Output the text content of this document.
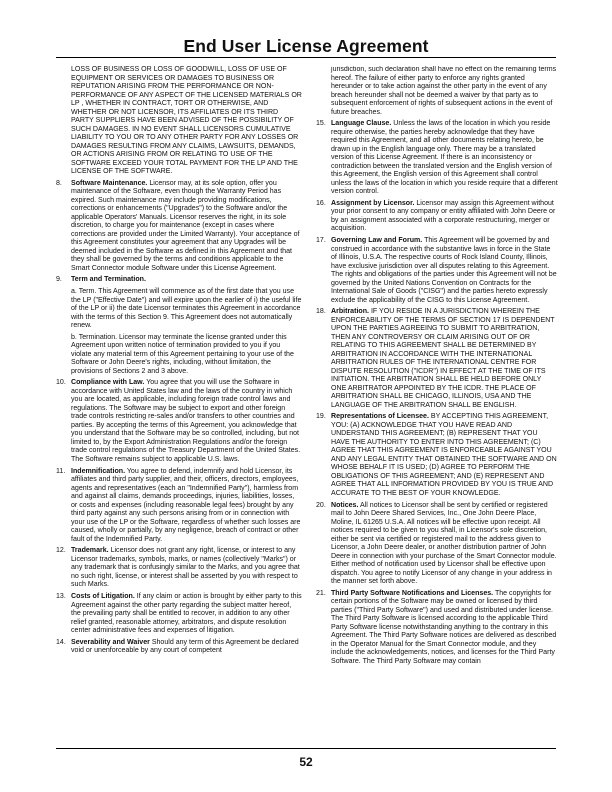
End User License Agreement
LOSS OF BUSINESS OR LOSS OF GOODWILL, LOSS OF USE OF EQUIPMENT OR SERVICES OR DAMAGES TO BUSINESS OR REPUTATION ARISING FROM THE PERFORMANCE OR NON-PERFORMANCE OF ANY ASPECT OF THE LICENSED MATERIALS OR LP , WHETHER IN CONTRACT, TORT OR OTHERWISE, AND WHETHER OR NOT LICENSOR, ITS AFFILIATES OR ITS THIRD PARTY SUPPLIERS HAVE BEEN ADVISED OF THE POSSIBILITY OF SUCH DAMAGES. IN NO EVENT SHALL LICENSORS CUMULATIVE LIABILITY TO YOU OR TO ANY OTHER PARTY FOR ANY LOSSES OR DAMAGES RESULTING FROM ANY CLAIMS, LAWSUITS, DEMANDS, OR ACTIONS ARISING FROM OR RELATING TO USE OF THE SOFTWARE EXCEED YOUR TOTAL PAYMENT FOR THE LP AND THE LICENSE OF THE SOFTWARE.
8.	Software Maintenance. Licensor may, at its sole option, offer you maintenance of the Software, even though the Warranty Period has expired. Such maintenance may include providing modifications, corrections or enhancements ("Upgrades") to the Software and/or the applicable Operators' Manuals. Licensor reserves the right, in its sole discretion, to charge you for maintenance (except in cases where corrections are provided under the Limited Warranty). Your acceptance of this Agreement constitutes your agreement that any Upgrades will be deemed included in the Software as defined in this Agreement and that they shall be governed by the terms and conditions applicable to the Smart Connector module Software under this License Agreement.
9.	Term and Termination.
a. Term. This Agreement will commence as of the first date that you use the LP ("Effective Date") and will expire upon the earlier of i) the useful life of the LP or ii) the date Licensor terminates this Agreement in accordance with the terms of this Section 9. This Agreement does not automatically renew.
b. Termination. Licensor may terminate the license granted under this Agreement upon written notice of termination provided to you if you violate any material term of this Agreement pertaining to your use of the Software or John Deere's rights, including, without limitation, the provisions of Sections 2 and 3 above.
10. Compliance with Law. You agree that you will use the Software in accordance with United States law and the laws of the country in which you are located, as applicable, including foreign trade control laws and regulations. The Software may be subject to export and other foreign trade controls restricting re-sales and/or transfers to other countries and parties. By accepting the terms of this Agreement, you acknowledge that you understand that the Software may be so controlled, including, but not limited to, by the Export Administration Regulations and/or the foreign trade control regulations of the Treasury Department of the United States. The Software remains subject to applicable U.S. laws.
11. Indemnification. You agree to defend, indemnify and hold Licensor, its affiliates and third party supplier, and their, officers, directors, employees, agents and representatives (each an "Indemnified Party"), harmless from and against all claims, demands proceedings, injuries, liabilities, losses, or costs and expenses (including reasonable legal fees) brought by any third party against any such persons arising from or in connection with your use of the LP or the Software, regardless of whether such losses are caused, wholly or partially, by any negligence, breach of contract or other fault of the Indemnified Party.
12. Trademark. Licensor does not grant any right, license, or interest to any Licensor trademarks, symbols, marks, or names (collectively "Marks") or any trademark that is confusingly similar to the Marks, and you agree that no such right, license, or interest shall be asserted by you with respect to such Marks.
13. Costs of Litigation. If any claim or action is brought by either party to this Agreement against the other party regarding the subject matter hereof, the prevailing party shall be entitled to recover, in addition to any other relief granted, reasonable attorney, arbitrators, and dispute resolution center administrative fees and expenses of litigation.
14. Severability and Waiver Should any term of this Agreement be declared void or unenforceable by any court of competent
jurisdiction, such declaration shall have no effect on the remaining terms hereof. The failure of either party to enforce any rights granted hereunder or to take action against the other party in the event of any breach hereunder shall not be deemed a waiver by that party as to subsequent enforcement of rights of subsequent actions in the event of future breaches.
15. Language Clause. Unless the laws of the location in which you reside require otherwise, the parties hereby acknowledge that they have required this Agreement, and all other documents relating hereto, be drawn up in the English language only. There may be a translated version of this License Agreement. If there is an inconsistency or contradiction between the translated version and the English version of this Agreement, the English version of this Agreement shall control unless the laws of the location in which you reside require that a different version control.
16. Assignment by Licensor. Licensor may assign this Agreement without your prior consent to any company or entity affiliated with John Deere or by an assignment associated with a corporate restructuring, merger or acquisition.
17. Governing Law and Forum. This Agreement will be governed by and construed in accordance with the substantive laws in force in the State of Illinois, U.S.A. The respective courts of Rock Island County, Illinois, have exclusive jurisdiction over all disputes relating to this Agreement. The rights and obligations of the parties under this Agreement will not be governed by the United Nations Convention on Contracts for the International Sale of Goods ("CISG") and the parties hereto expressly exclude the applicability of the CISG to this License Agreement.
18. Arbitration. IF YOU RESIDE IN A JURISDICTION WHEREIN THE ENFORCEABILITY OF THE TERMS OF SECTION 17 IS DEPENDENT UPON THE PARTIES AGREEING TO SUBMIT TO ARBITRATION, THEN ANY CONTROVERSY OR CLAIM ARISING OUT OF OR RELATING TO THIS AGREEMENT SHALL BE DETERMINED BY ARBITRATION IN ACCORDANCE WITH THE INTERNATIONAL ARBITRATION RULES OF THE INTERNATIONAL CENTRE FOR DISPUTE RESOLUTION ("ICDR") IN EFFECT AT THE TIME OF ITS INITIATION. THE ARBITRATION SHALL BE HELD BEFORE ONLY ONE ARBITRATOR APPOINTED BY THE ICDR. THE PLACE OF ARBITRATION SHALL BE CHICAGO, ILLINOIS, USA AND THE LANGUAGE OF THE ARBITRATION SHALL BE ENGLISH.
19. Representations of Licensee. BY ACCEPTING THIS AGREEMENT, YOU: (A) ACKNOWLEDGE THAT YOU HAVE READ AND UNDERSTAND THIS AGREEMENT; (B) REPRESENT THAT YOU HAVE THE AUTHORITY TO ENTER INTO THIS AGREEMENT; (C) AGREE THAT THIS AGREEMENT IS ENFORCEABLE AGAINST YOU AND ANY LEGAL ENTITY THAT OBTAINED THE SOFTWARE AND ON WHOSE BEHALF IT IS USED; (D) AGREE TO PERFORM THE OBLIGATIONS OF THIS AGREEMENT; AND (E) REPRESENT AND AGREE THAT ALL INFORMATION PROVIDED BY YOU IS TRUE AND ACCURATE TO THE BEST OF YOUR KNOWLEDGE.
20. Notices. All notices to Licensor shall be sent by certified or registered mail to John Deere Shared Services, Inc., One John Deere Place, Moline, IL 61265 U.S.A. All notices will be effective upon receipt. All notices required to be given to you shall, in Licensor's sole discretion, either be sent via certified or registered mail to the address given to Licensor, a John Deere dealer, or another distribution partner of John Deere in connection with your purchase of the Smart Connector module. Either method of notification used by Licensor shall be effective upon dispatch. You agree to notify Licensor of any change in your address in the manner set forth above.
21. Third Party Software Notifications and Licenses. The copyrights for certain portions of the Software may be owned or licensed by third parties ("Third Party Software") and used and distributed under license. The Third Party Software is licensed according to the applicable Third Party Software license notwithstanding anything to the contrary in this Agreement. The Third Party Software notices are delivered as described in the Operator Manual for the Smart Connector module, and they include the acknowledgements, notices, and licenses for the Third Party Software. The Third Party Software may contain
52
